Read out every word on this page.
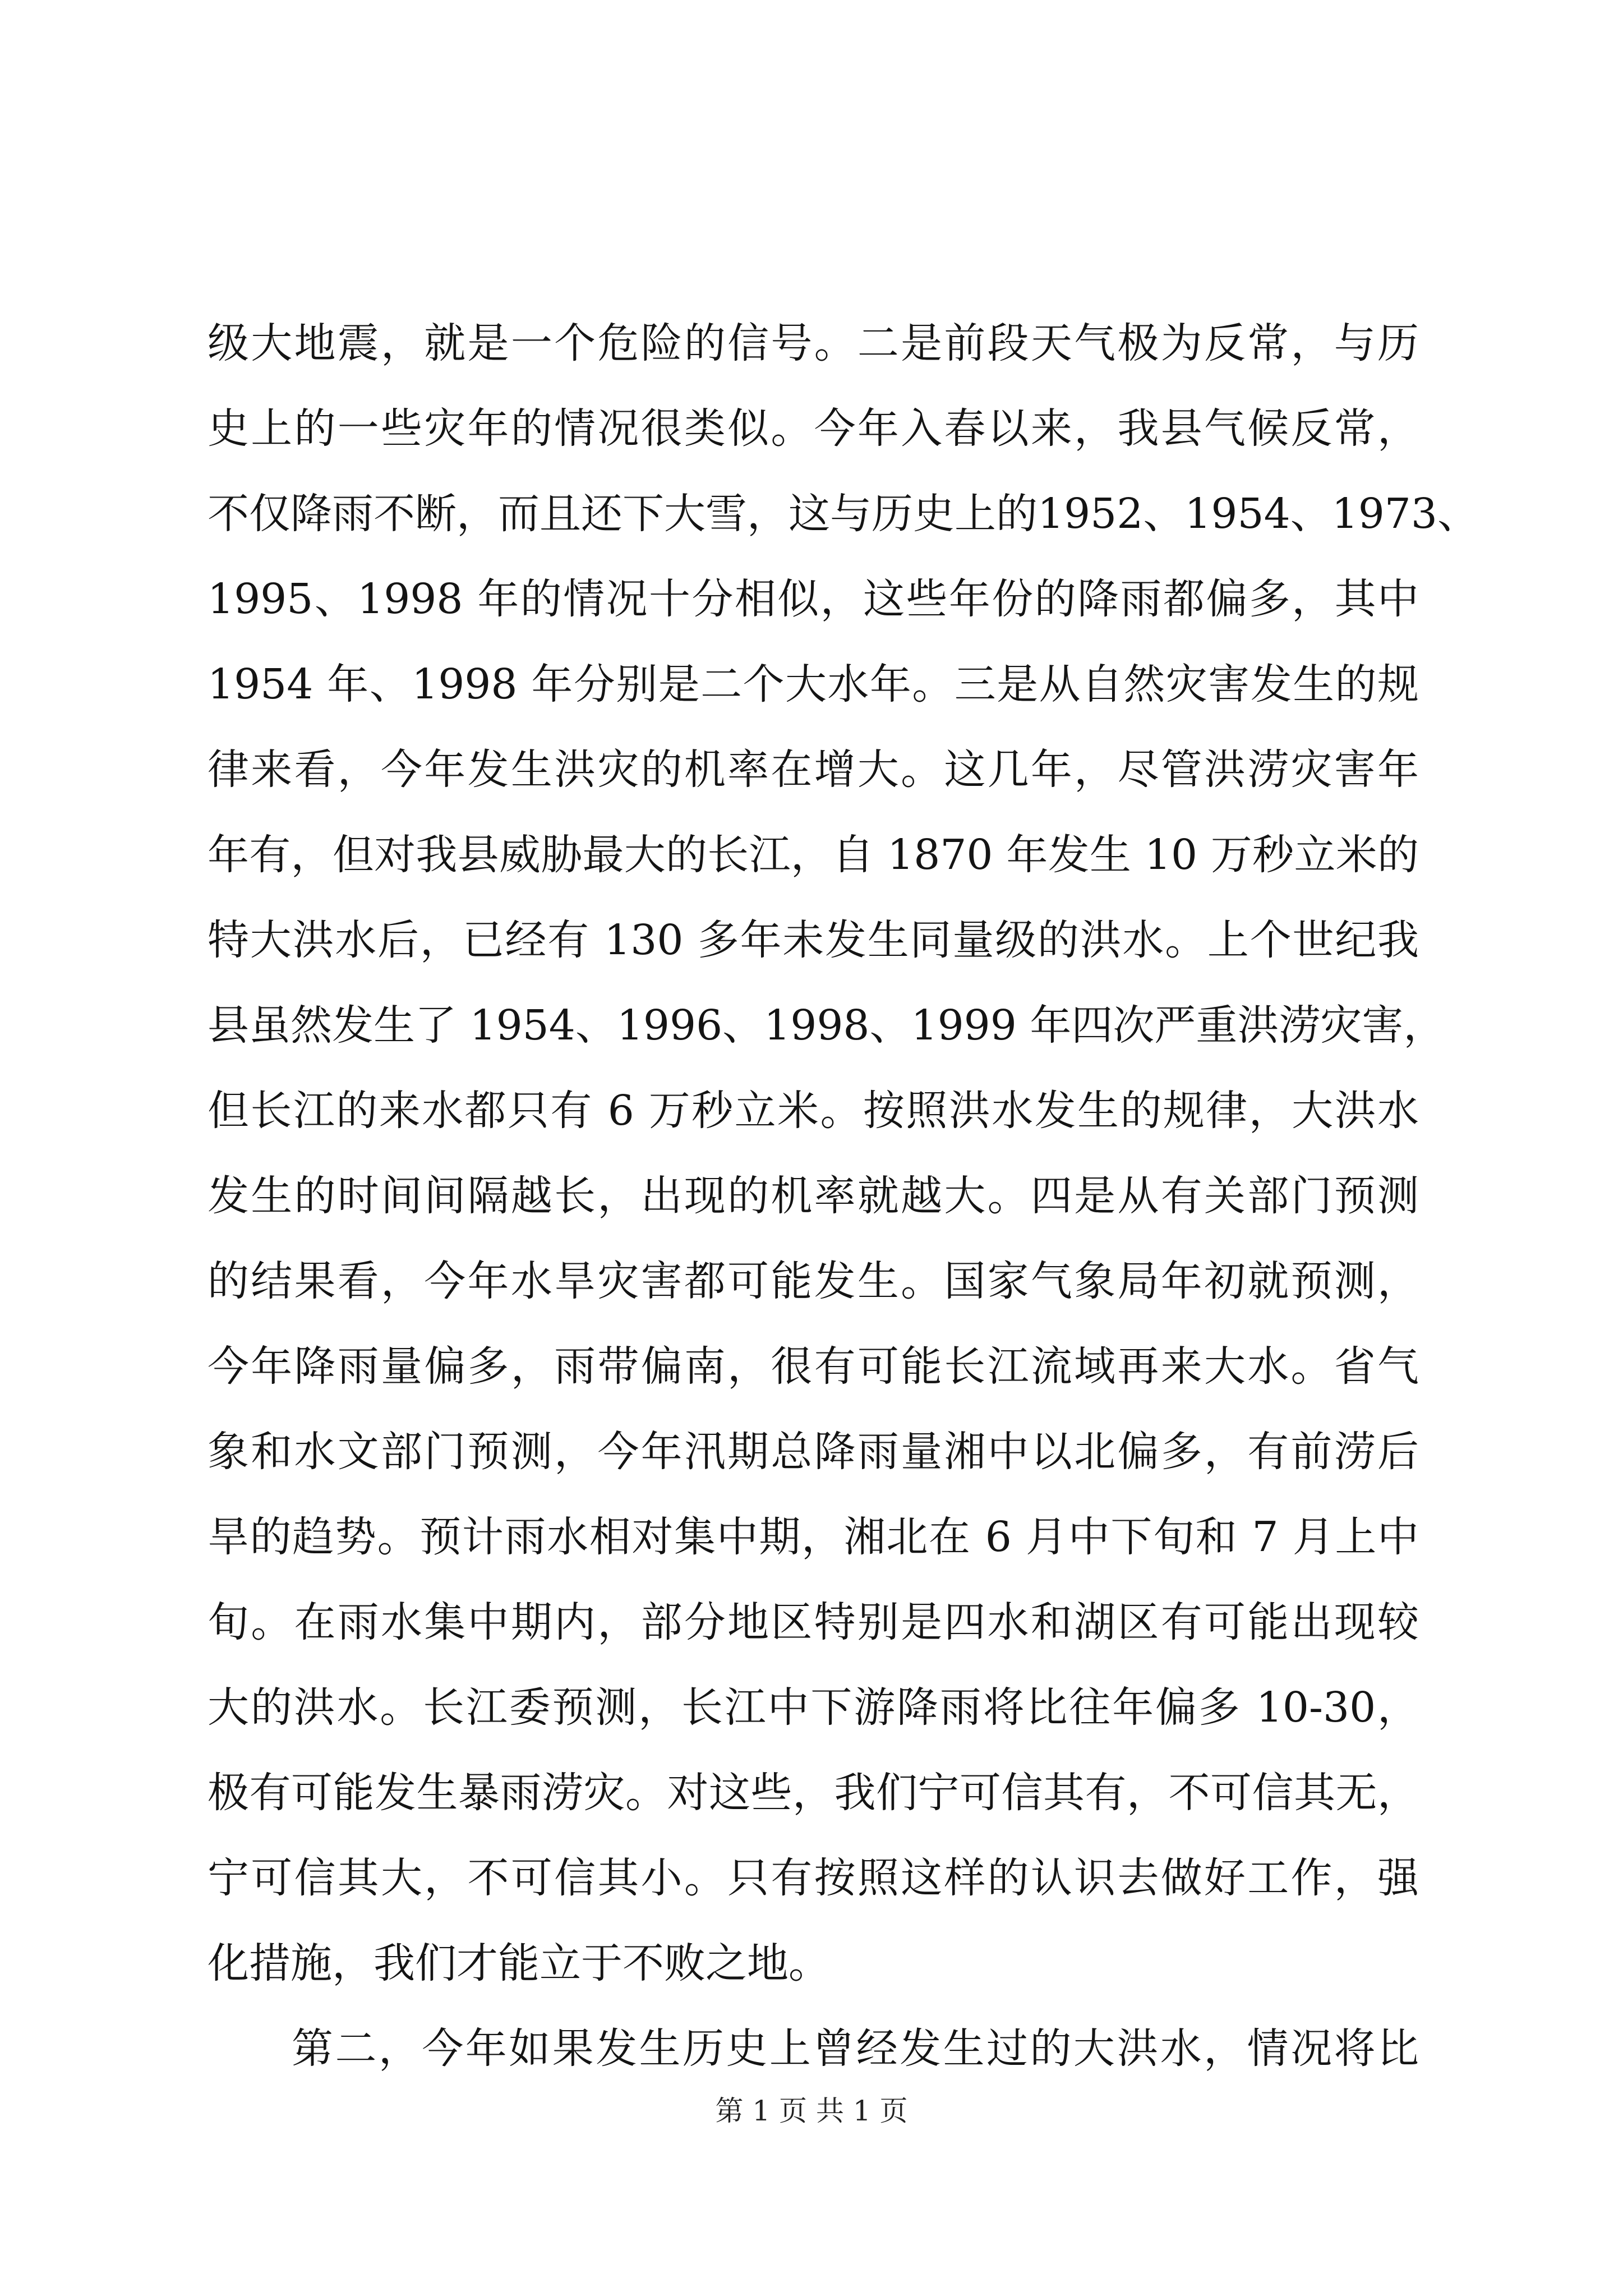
级大地震，就是一个危险的信号。二是前段天气极为反常，与历
史上的一些灾年的情况很类似。今年入春以来，我县气候反常，
不仅降雨不断，而且还下大雪，这与历史上的1952、1954、1973、
1995、1998 年的情况十分相似，这些年份的降雨都偏多，其中
1954 年、1998 年分别是二个大水年。三是从自然灾害发生的规
律来看，今年发生洪灾的机率在增大。这几年，尽管洪涝灾害年
年有，但对我县威胁最大的长江，自 1870 年发生 10 万秒立米的
特大洪水后，已经有 130 多年未发生同量级的洪水。上个世纪我
县虽然发生了 1954、1996、1998、1999 年四次严重洪涝灾害，
但长江的来水都只有 6 万秒立米。按照洪水发生的规律，大洪水
发生的时间间隔越长，出现的机率就越大。四是从有关部门预测
的结果看，今年水旱灾害都可能发生。国家气象局年初就预测，
今年降雨量偏多，雨带偏南，很有可能长江流域再来大水。省气
象和水文部门预测，今年汛期总降雨量湘中以北偏多，有前涝后
旱的趋势。预计雨水相对集中期，湘北在 6 月中下旬和 7 月上中
旬。在雨水集中期内，部分地区特别是四水和湖区有可能出现较
大的洪水。长江委预测，长江中下游降雨将比往年偏多 10-30，
极有可能发生暴雨涝灾。对这些，我们宁可信其有，不可信其无，
宁可信其大，不可信其小。只有按照这样的认识去做好工作，强
化措施，我们才能立于不败之地。
第二，今年如果发生历史上曾经发生过的大洪水，情况将比
第 1 页 共 1 页
